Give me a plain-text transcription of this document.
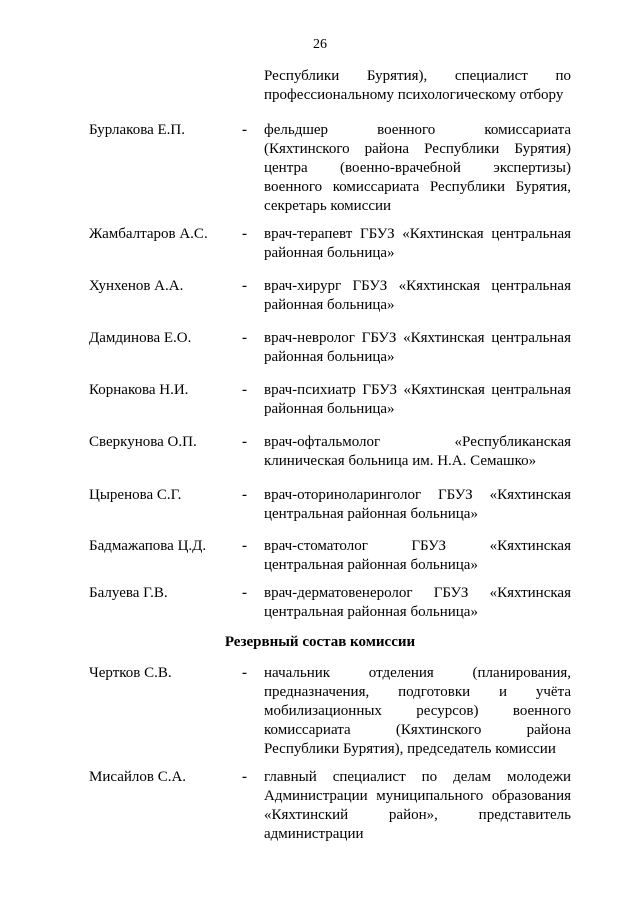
26
Республики Бурятия), специалист по
профессиональному психологическому отбору
Бурлакова Е.П.	- фельдшер военного комиссариата
(Кяхтинского района Республики Бурятия)
центра (военно-врачебной экспертизы)
военного комиссариата Республики Бурятия,
секретарь комиссии
Жамбалтаров А.С. - врач-терапевт ГБУЗ «Кяхтинская центральная
районная больница»
Хунхенов А.А.	- врач-хирург ГБУЗ «Кяхтинская центральная
районная больница»
Дамдинова Е.О.	- врач-невролог ГБУЗ «Кяхтинская центральная
районная больница»
Корнакова Н.И.	- врач-психиатр ГБУЗ «Кяхтинская центральная
районная больница»
Сверкунова О.П.	- врач-офтальмолог «Республиканская
клиническая больница им. Н.А. Семашко»
Цыренова С.Г.	- врач-оториноларинголог ГБУЗ «Кяхтинская
центральная районная больница»
Бадмажапова Ц.Д. - врач-стоматолог ГБУЗ «Кяхтинская
центральная районная больница»
Балуева Г.В.	- врач-дерматовенеролог ГБУЗ «Кяхтинская
центральная районная больница»
Резервный состав комиссии
Чертков С.В.	- начальник отделения (планирования,
предназначения, подготовки и учёта
мобилизационных ресурсов) военного
комиссариата (Кяхтинского района
Республики Бурятия), председатель комиссии
Мисайлов С.А.	- главный специалист по делам молодежи
Администрации муниципального образования
«Кяхтинский район», представитель
администрации
